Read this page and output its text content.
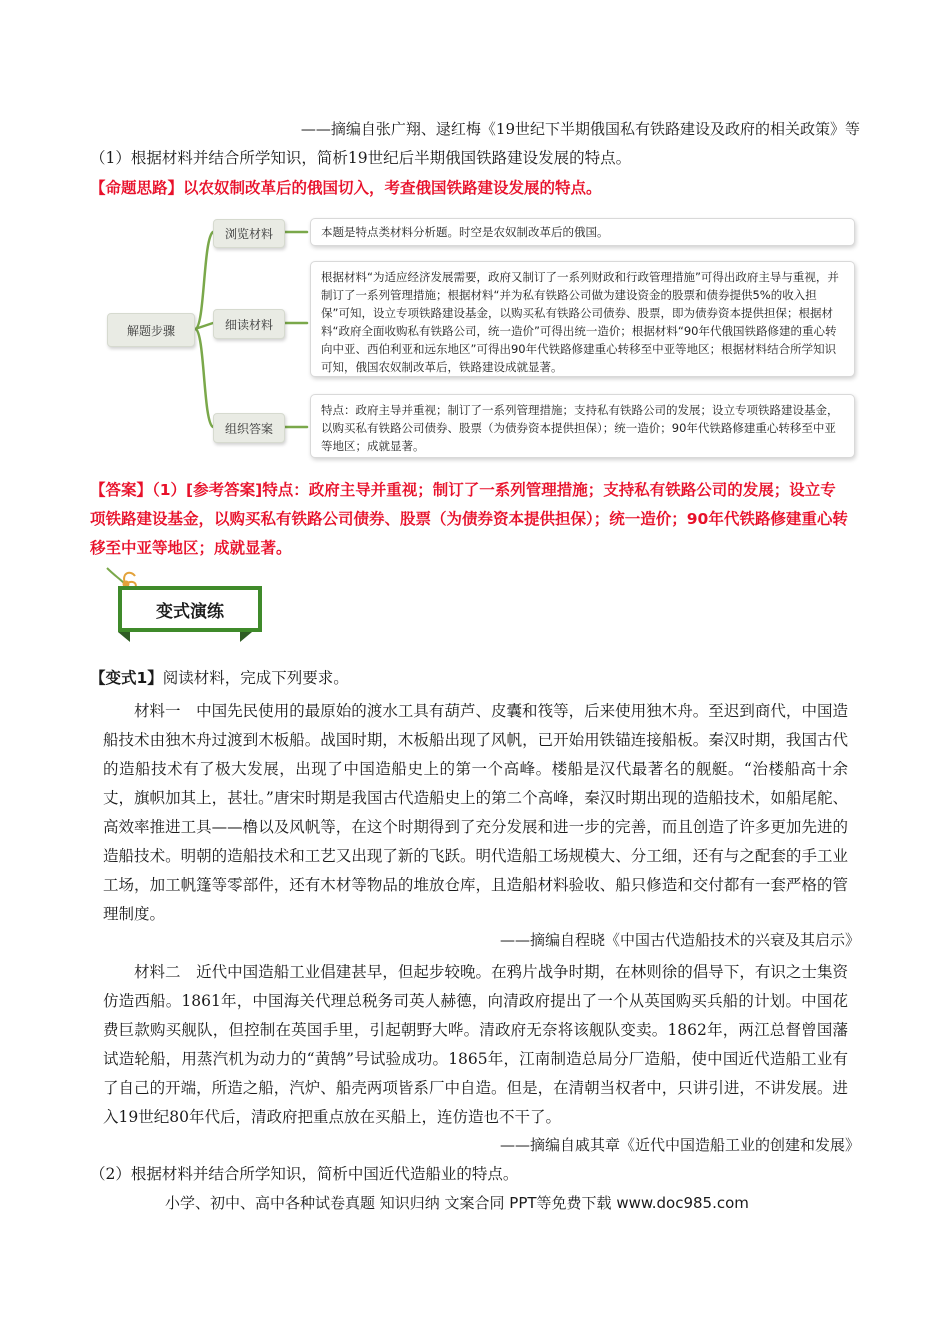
——摘编自张广翔、逯红梅《19世纪下半期俄国私有铁路建设及政府的相关政策》等
（1）根据材料并结合所学知识，简析19世纪后半期俄国铁路建设发展的特点。
【命题思路】以农奴制改革后的俄国切入，考查俄国铁路建设发展的特点。
解题步骤
浏览材料	本题是特点类材料分析题。时空是农奴制改革后的俄国。
细读材料
根据材料“为适应经济发展需要，政府又制订了一系列财政和行政管理措施”可得出政府主导与重视，并制订了一系列管理措施；根据材料“并为私有铁路公司做为建设资金的股票和债券提供5%的收入担保”可知，设立专项铁路建设基金，以购买私有铁路公司债券、股票，即为债券资本提供担保；根据材料“政府全面收购私有铁路公司，统一造价”可得出统一造价；根据材料“90年代俄国铁路修建的重心转向中亚、西伯利亚和远东地区”可得出90年代铁路修建重心转移至中亚等地区；根据材料结合所学知识可知，俄国农奴制改革后，铁路建设成就显著。
组织答案
特点：政府主导并重视；制订了一系列管理措施；支持私有铁路公司的发展；设立专项铁路建设基金，以购买私有铁路公司债券、股票（为债券资本提供担保）；统一造价；90年代铁路修建重心转移至中亚等地区；成就显著。
【答案】（1）[参考答案]特点：政府主导并重视；制订了一系列管理措施；支持私有铁路公司的发展；设立专项铁路建设基金，以购买私有铁路公司债券、股票（为债券资本提供担保）；统一造价；90年代铁路修建重心转移至中亚等地区；成就显著。
变式演练
【变式1】阅读材料，完成下列要求。

材料一　中国先民使用的最原始的渡水工具有葫芦、皮囊和筏等，后来使用独木舟。至迟到商代，中国造船技术由独木舟过渡到木板船。战国时期，木板船出现了风帆，已开始用铁锚连接船板。秦汉时期，我国古代的造船技术有了极大发展，出现了中国造船史上的第一个高峰。楼船是汉代最著名的舰艇。“治楼船高十余丈，旗帜加其上，甚壮。”唐宋时期是我国古代造船史上的第二个高峰，秦汉时期出现的造船技术，如船尾舵、高效率推进工具——橹以及风帆等，在这个时期得到了充分发展和进一步的完善，而且创造了许多更加先进的造船技术。明朝的造船技术和工艺又出现了新的飞跃。明代造船工场规模大、分工细，还有与之配套的手工业工场，加工帆篷等零部件，还有木材等物品的堆放仓库，且造船材料验收、船只修造和交付都有一套严格的管理制度。

——摘编自程晓《中国古代造船技术的兴衰及其启示》

材料二　近代中国造船工业倡建甚早，但起步较晚。在鸦片战争时期，在林则徐的倡导下，有识之士集资仿造西船。1861年，中国海关代理总税务司英人赫德，向清政府提出了一个从英国购买兵船的计划。中国花费巨款购买舰队，但控制在英国手里，引起朝野大哗。清政府无奈将该舰队变卖。1862年，两江总督曾国藩试造轮船，用蒸汽机为动力的“黄鹄”号试验成功。1865年，江南制造总局分厂造船，使中国近代造船工业有了自己的开端，所造之船，汽炉、船壳两项皆系厂中自造。但是，在清朝当权者中，只讲引进，不讲发展。进入19世纪80年代后，清政府把重点放在买船上，连仿造也不干了。

——摘编自戚其章《近代中国造船工业的创建和发展》
（2）根据材料并结合所学知识，简析中国近代造船业的特点。
小学、初中、高中各种试卷真题 知识归纳 文案合同 PPT等免费下载 www.doc985.com
